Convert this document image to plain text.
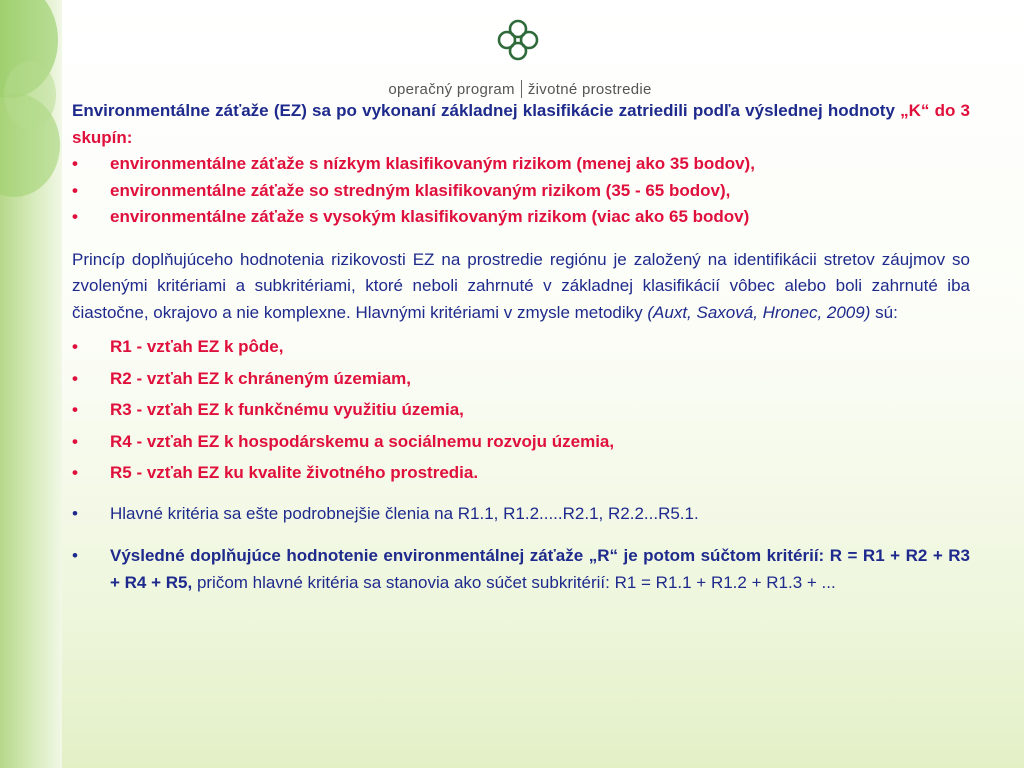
operačný program životné prostredie

Environmentálne záťaže (EZ) sa po vykonaní základnej klasifikácie zatriedili podľa výslednej hodnoty „K“ do 3 skupín:

• environmentálne záťaže s nízkym klasifikovaným rizikom (menej ako 35 bodov),
• environmentálne záťaže so stredným klasifikovaným rizikom (35 - 65 bodov),
• environmentálne záťaže s vysokým klasifikovaným rizikom (viac ako 65 bodov)

Princíp doplňujúceho hodnotenia rizikovosti EZ na prostredie regiónu je založený na identifikácii stretov záujmov so zvolenými kritériami a subkritériami, ktoré neboli zahrnuté v základnej klasifikácií vôbec alebo boli zahrnuté iba čiastočne, okrajovo a nie komplexne. Hlavnými kritériami v zmysle metodiky (Auxt, Saxová, Hronec, 2009) sú:

• R1 - vzťah EZ k pôde,
• R2 - vzťah EZ k chráneným územiam,
• R3 - vzťah EZ k funkčnému využitiu územia,
• R4 - vzťah EZ k hospodárskemu a sociálnemu rozvoju územia,
• R5 - vzťah EZ ku kvalite životného prostredia.
• Hlavné kritéria sa ešte podrobnejšie členia na R1.1, R1.2.....R2.1, R2.2...R5.1.
• Výsledné doplňujúce hodnotenie environmentálnej záťaže „R“ je potom súčtom kritérií: R = R1 + R2 + R3 + R4 + R5, pričom hlavné kritéria sa stanovia ako súčet subkritérií: R1 = R1.1 + R1.2 + R1.3 + ...
